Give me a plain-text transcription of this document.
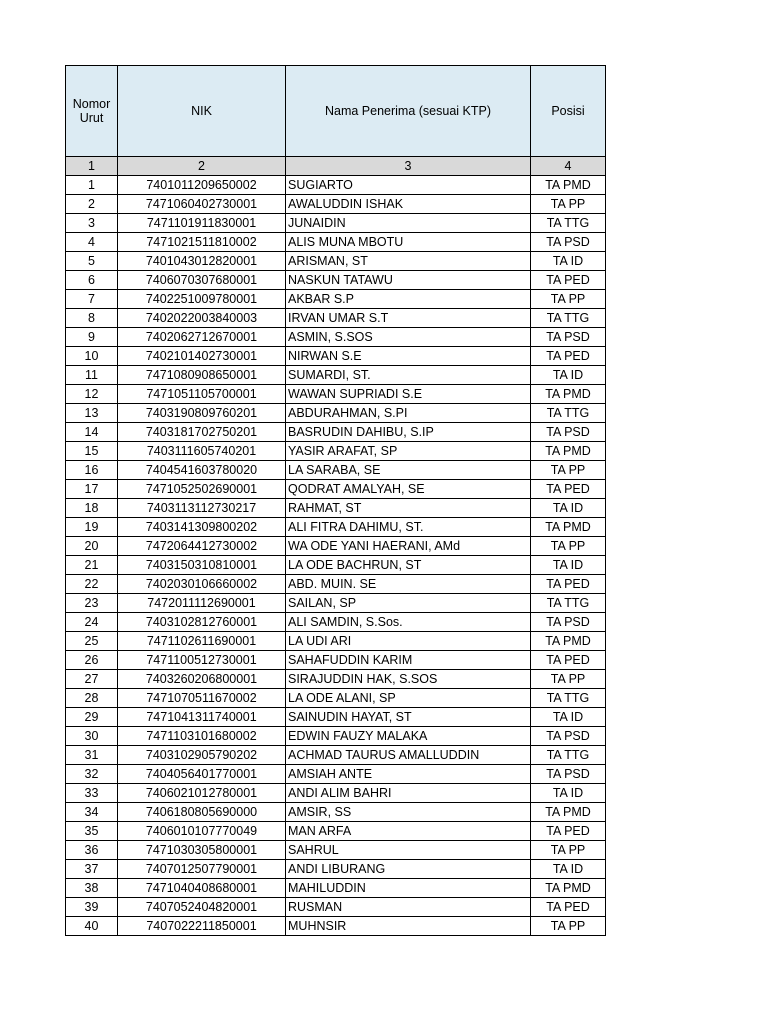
Nomor
Urut	NIK	Nama Penerima (sesuai KTP)	Posisi
1	2	3	4
1	7401011209650002	SUGIARTO	TA PMD
2	7471060402730001	AWALUDDIN ISHAK	TA PP
3	7471101911830001	JUNAIDIN	TA TTG
4	7471021511810002	ALIS MUNA MBOTU	TA PSD
5	7401043012820001	ARISMAN, ST	TA ID
6	7406070307680001	NASKUN TATAWU	TA PED
7	7402251009780001	AKBAR S.P	TA PP
8	7402022003840003	IRVAN UMAR S.T	TA TTG
9	7402062712670001	ASMIN, S.SOS	TA PSD
10	7402101402730001	NIRWAN S.E	TA PED
11	7471080908650001	SUMARDI, ST.	TA ID
12	7471051105700001	WAWAN SUPRIADI S.E	TA PMD
13	7403190809760201	ABDURAHMAN, S.PI	TA TTG
14	7403181702750201	BASRUDIN DAHIBU, S.IP	TA PSD
15	7403111605740201	YASIR ARAFAT, SP	TA PMD
16	7404541603780020	LA SARABA, SE	TA PP
17	7471052502690001	QODRAT AMALYAH, SE	TA PED
18	7403113112730217	RAHMAT, ST	TA ID
19	7403141309800202	ALI FITRA DAHIMU, ST.	TA PMD
20	7472064412730002	WA ODE YANI HAERANI, AMd	TA PP
21	7403150310810001	LA ODE BACHRUN, ST	TA ID
22	7402030106660002	ABD. MUIN. SE	TA PED
23	7472011112690001	SAILAN, SP	TA TTG
24	7403102812760001	ALI SAMDIN, S.Sos.	TA PSD
25	7471102611690001	LA UDI ARI	TA PMD
26	7471100512730001	SAHAFUDDIN KARIM	TA PED
27	7403260206800001	SIRAJUDDIN HAK, S.SOS	TA PP
28	7471070511670002	LA ODE ALANI, SP	TA TTG
29	7471041311740001	SAINUDIN HAYAT, ST	TA ID
30	7471103101680002	EDWIN FAUZY MALAKA	TA PSD
31	7403102905790202	ACHMAD TAURUS AMALLUDDIN	TA TTG
32	7404056401770001	AMSIAH ANTE	TA PSD
33	7406021012780001	ANDI ALIM BAHRI	TA ID
34	7406180805690000	AMSIR, SS	TA PMD
35	7406010107770049	MAN ARFA	TA PED
36	7471030305800001	SAHRUL	TA PP
37	7407012507790001	ANDI LIBURANG	TA ID
38	7471040408680001	MAHILUDDIN	TA PMD
39	7407052404820001	RUSMAN	TA PED
40	7407022211850001	MUHNSIR	TA PP
